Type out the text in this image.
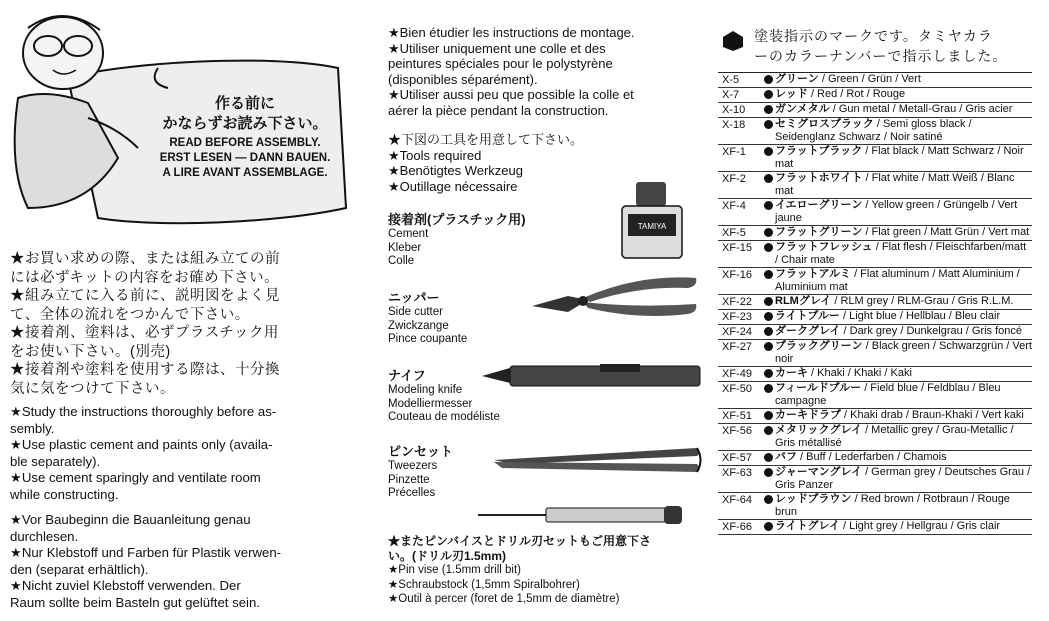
作る前に
かならずお読み下さい。
READ BEFORE ASSEMBLY.
ERST LESEN — DANN BAUEN.
A LIRE AVANT ASSEMBLAGE.

★お買い求めの際、または組み立ての前

には必ずキットの内容をお確め下さい。

★組み立てに入る前に、説明図をよく見

て、全体の流れをつかんで下さい。

★接着剤、塗料は、必ずプラスチック用

をお使い下さい。(別売)

★接着剤や塗料を使用する際は、十分換

気に気をつけて下さい。

★Study the instructions thoroughly before as-

sembly.

★Use plastic cement and paints only (availa-

ble separately).

★Use cement sparingly and ventilate room

while constructing.

★Vor Baubeginn die Bauanleitung genau

durchlesen.

★Nur Klebstoff und Farben für Plastik verwen-

den (separat erhältlich).

★Nicht zuviel Klebstoff verwenden. Der

Raum sollte beim Basteln gut gelüftet sein.

★Bien étudier les instructions de montage.

★Utiliser uniquement une colle et des

peintures spéciales pour le polystyrène

(disponibles séparément).

★Utiliser aussi peu que possible la colle et

aérer la pièce pendant la construction.

★下図の工具を用意して下さい。

★Tools required

★Benötigtes Werkzeug

★Outillage nécessaire

接着剤(プラスチック用)
Cement
Kleber
Colle
TAMIYA
ニッパー
Side cutter
Zwickzange
Pince coupante
ナイフ
Modeling knife
Modelliermesser
Couteau de modéliste
ピンセット
Tweezers
Pinzette
Précelles
★またピンバイスとドリル刃セットもご用意下さ
い。(ドリル刃1.5mm)
★Pin vise (1.5mm drill bit)
★Schraubstock (1,5mm Spiralbohrer)
★Outil à percer (foret de 1,5mm de diamètre)
塗装指示のマークです。タミヤカラ
ーのカラーナンバーで指示しました。
X-5	グリーン / Green / Grün / Vert
X-7	レッド / Red / Rot / Rouge
X-10	ガンメタル / Gun metal / Metall-Grau / Gris acier
X-18	セミグロスブラック / Semi gloss black / Seidenglanz Schwarz / Noir satiné
XF-1	フラットブラック / Flat black / Matt Schwarz / Noir mat
XF-2	フラットホワイト / Flat white / Matt Weiß / Blanc mat
XF-4	イエローグリーン / Yellow green / Grüngelb / Vert jaune
XF-5	フラットグリーン / Flat green / Matt Grün / Vert mat
XF-15	フラットフレッシュ / Flat flesh / Fleischfarben/matt / Chair mate
XF-16	フラットアルミ / Flat aluminum / Matt Aluminium / Aluminium mat
XF-22	RLMグレイ / RLM grey / RLM-Grau / Gris R.L.M.
XF-23	ライトブルー / Light blue / Hellblau / Bleu clair
XF-24	ダークグレイ / Dark grey / Dunkelgrau / Gris foncé
XF-27	ブラックグリーン / Black green / Schwarzgrün / Vert noir
XF-49	カーキ / Khaki / Khaki / Kaki
XF-50	フィールドブルー / Field blue / Feldblau / Bleu campagne
XF-51	カーキドラブ / Khaki drab / Braun-Khaki / Vert kaki
XF-56	メタリックグレイ / Metallic grey / Grau-Metallic / Gris métallisé
XF-57	バフ / Buff / Lederfarben / Chamois
XF-63	ジャーマングレイ / German grey / Deutsches Grau / Gris Panzer
XF-64	レッドブラウン / Red brown / Rotbraun / Rouge brun
XF-66	ライトグレイ / Light grey / Hellgrau / Gris clair
